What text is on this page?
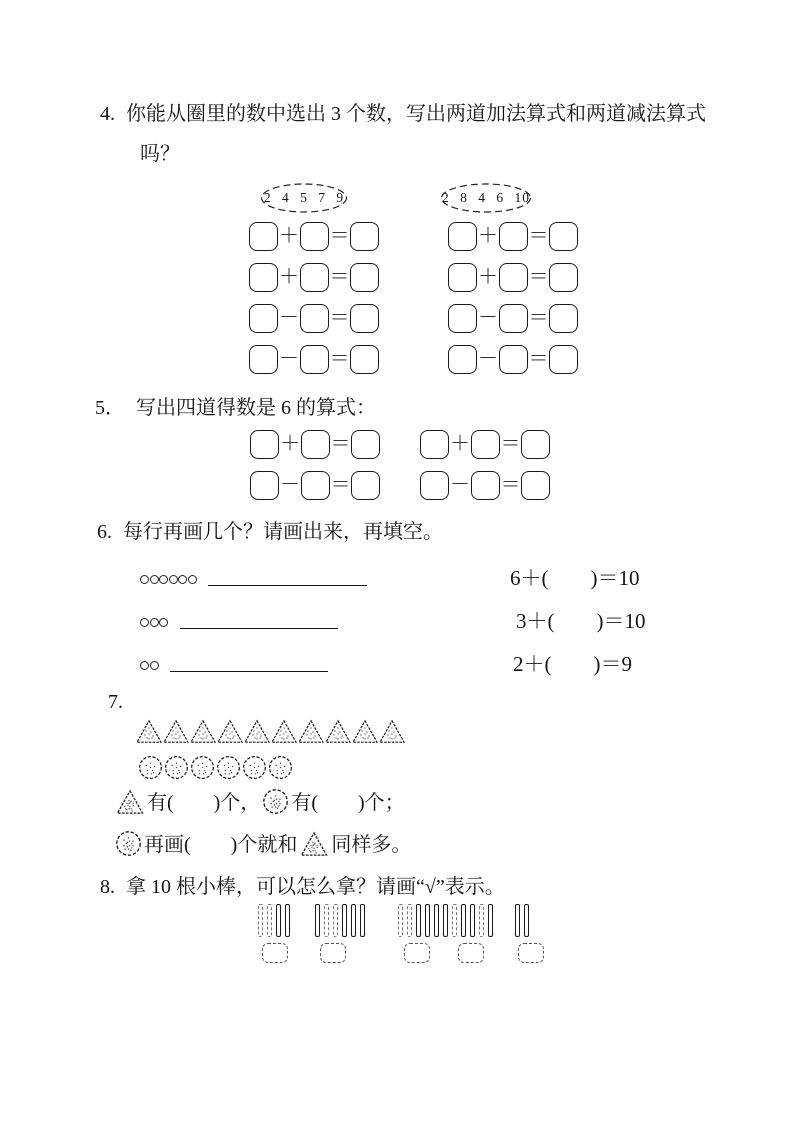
4. 你能从圈里的数中选出 3 个数，写出两道加法算式和两道减法算式
吗？
2 4 5 7 9	2 8 4 6 10
＋ ＝
＋ ＝
－ ＝
－ ＝
＋ ＝
＋ ＝
－ ＝
－ ＝
5． 写出四道得数是 6 的算式：
＋ ＝
－ ＝
＋ ＝
－ ＝
6. 每行再画几个？请画出来，再填空。
6＋(　　)＝10
3＋(　　)＝10
2＋(　　)＝9
7.
有(　　)个， 有(　　)个；
再画(　　)个就和 同样多。
8. 拿 10 根小棒，可以怎么拿？请画“√”表示。
